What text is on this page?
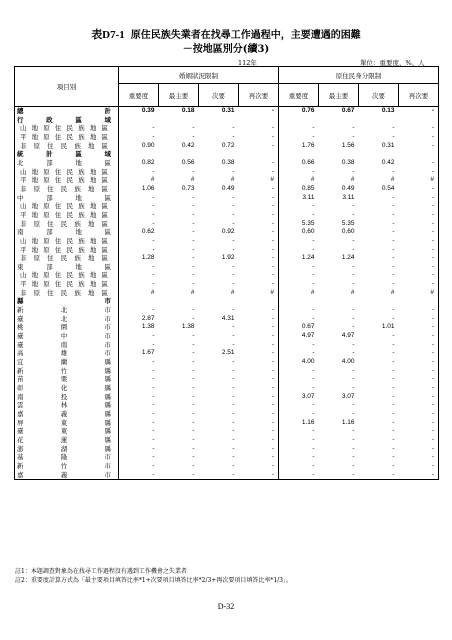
表D7-1 原住民族失業者在找尋工作過程中，主要遭遇的困難
－按地區別分(續3)
112年	單位：重要度、%、人
項目別	婚姻狀況限制				原住民身分限制			
	重要度	最主要	次要	再次要	重要度	最主要	次要	再次要

總　計	0.39	0.18	0.31	-	0.76	0.67	0.13	-

行 政 區 域								

山地原住民族地區	-	-	-	-	-	-	-	-

平地原住民族地區	-	-	-	-	-	-	-	-

非原住民族地區	0.90	0.42	0.72	-	1.76	1.56	0.31	-

統 計 區 域								

北 部 地 區	0.82	0.56	0.38	-	0.66	0.38	0.42	-

山地原住民族地區	-	-	-	-	-	-	-	-

平地原住民族地區	#	#	#	#	#	#	#	#

非原住民族地區	1.06	0.73	0.49	-	0.85	0.49	0.54	-

中 部 地 區	-	-	-	-	3.11	3.11	-	-

山地原住民族地區	-	-	-	-	-	-	-	-

平地原住民族地區	-	-	-	-	-	-	-	-

非原住民族地區	-	-	-	-	5.35	5.35	-	-

南 部 地 區	0.62	-	0.92	-	0.60	0.60	-	-

山地原住民族地區	-	-	-	-	-	-	-	-

平地原住民族地區	-	-	-	-	-	-	-	-

非原住民族地區	1.28	-	1.92	-	1.24	1.24	-	-

東 部 地 區	-	-	-	-	-	-	-	-

山地原住民族地區	-	-	-	-	-	-	-	-

平地原住民族地區	-	-	-	-	-	-	-	-

非原住民族地區	#	#	#	#	#	#	#	#

縣　市								

新 北 市	-	-	-	-	-	-	-	-

臺 北 市	2.87	-	4.31	-	-	-	-	-

桃 園 市	1.38	1.38	-	-	0.67	-	1.01	-

臺 中 市	-	-	-	-	4.97	4.97	-	-

臺 南 市	-	-	-	-	-	-	-	-

高 雄 市	1.67	-	2.51	-	-	-	-	-

宜 蘭 縣	-	-	-	-	4.00	4.00	-	-

新 竹 縣	-	-	-	-	-	-	-	-

苗 栗 縣	-	-	-	-	-	-	-	-

彰 化 縣	-	-	-	-	-	-	-	-

南 投 縣	-	-	-	-	3.07	3.07	-	-

雲 林 縣	-	-	-	-	-	-	-	-

嘉 義 縣	-	-	-	-	-	-	-	-

屏 東 縣	-	-	-	-	1.16	1.16	-	-

臺 東 縣	-	-	-	-	-	-	-	-

花 蓮 縣	-	-	-	-	-	-	-	-

澎 湖 縣	-	-	-	-	-	-	-	-

基 隆 市	-	-	-	-	-	-	-	-

新 竹 市	-	-	-	-	-	-	-	-

嘉 義 市	-	-	-	-	-	-	-	-
註1：本題調查對象為在找尋工作過程沒有遇到工作機會之失業者
註2：重要度計算方式為「最主要項目填答比率*1+次要項目填答比率*2/3+再次要項目填答比率*1/3」。
D-32
